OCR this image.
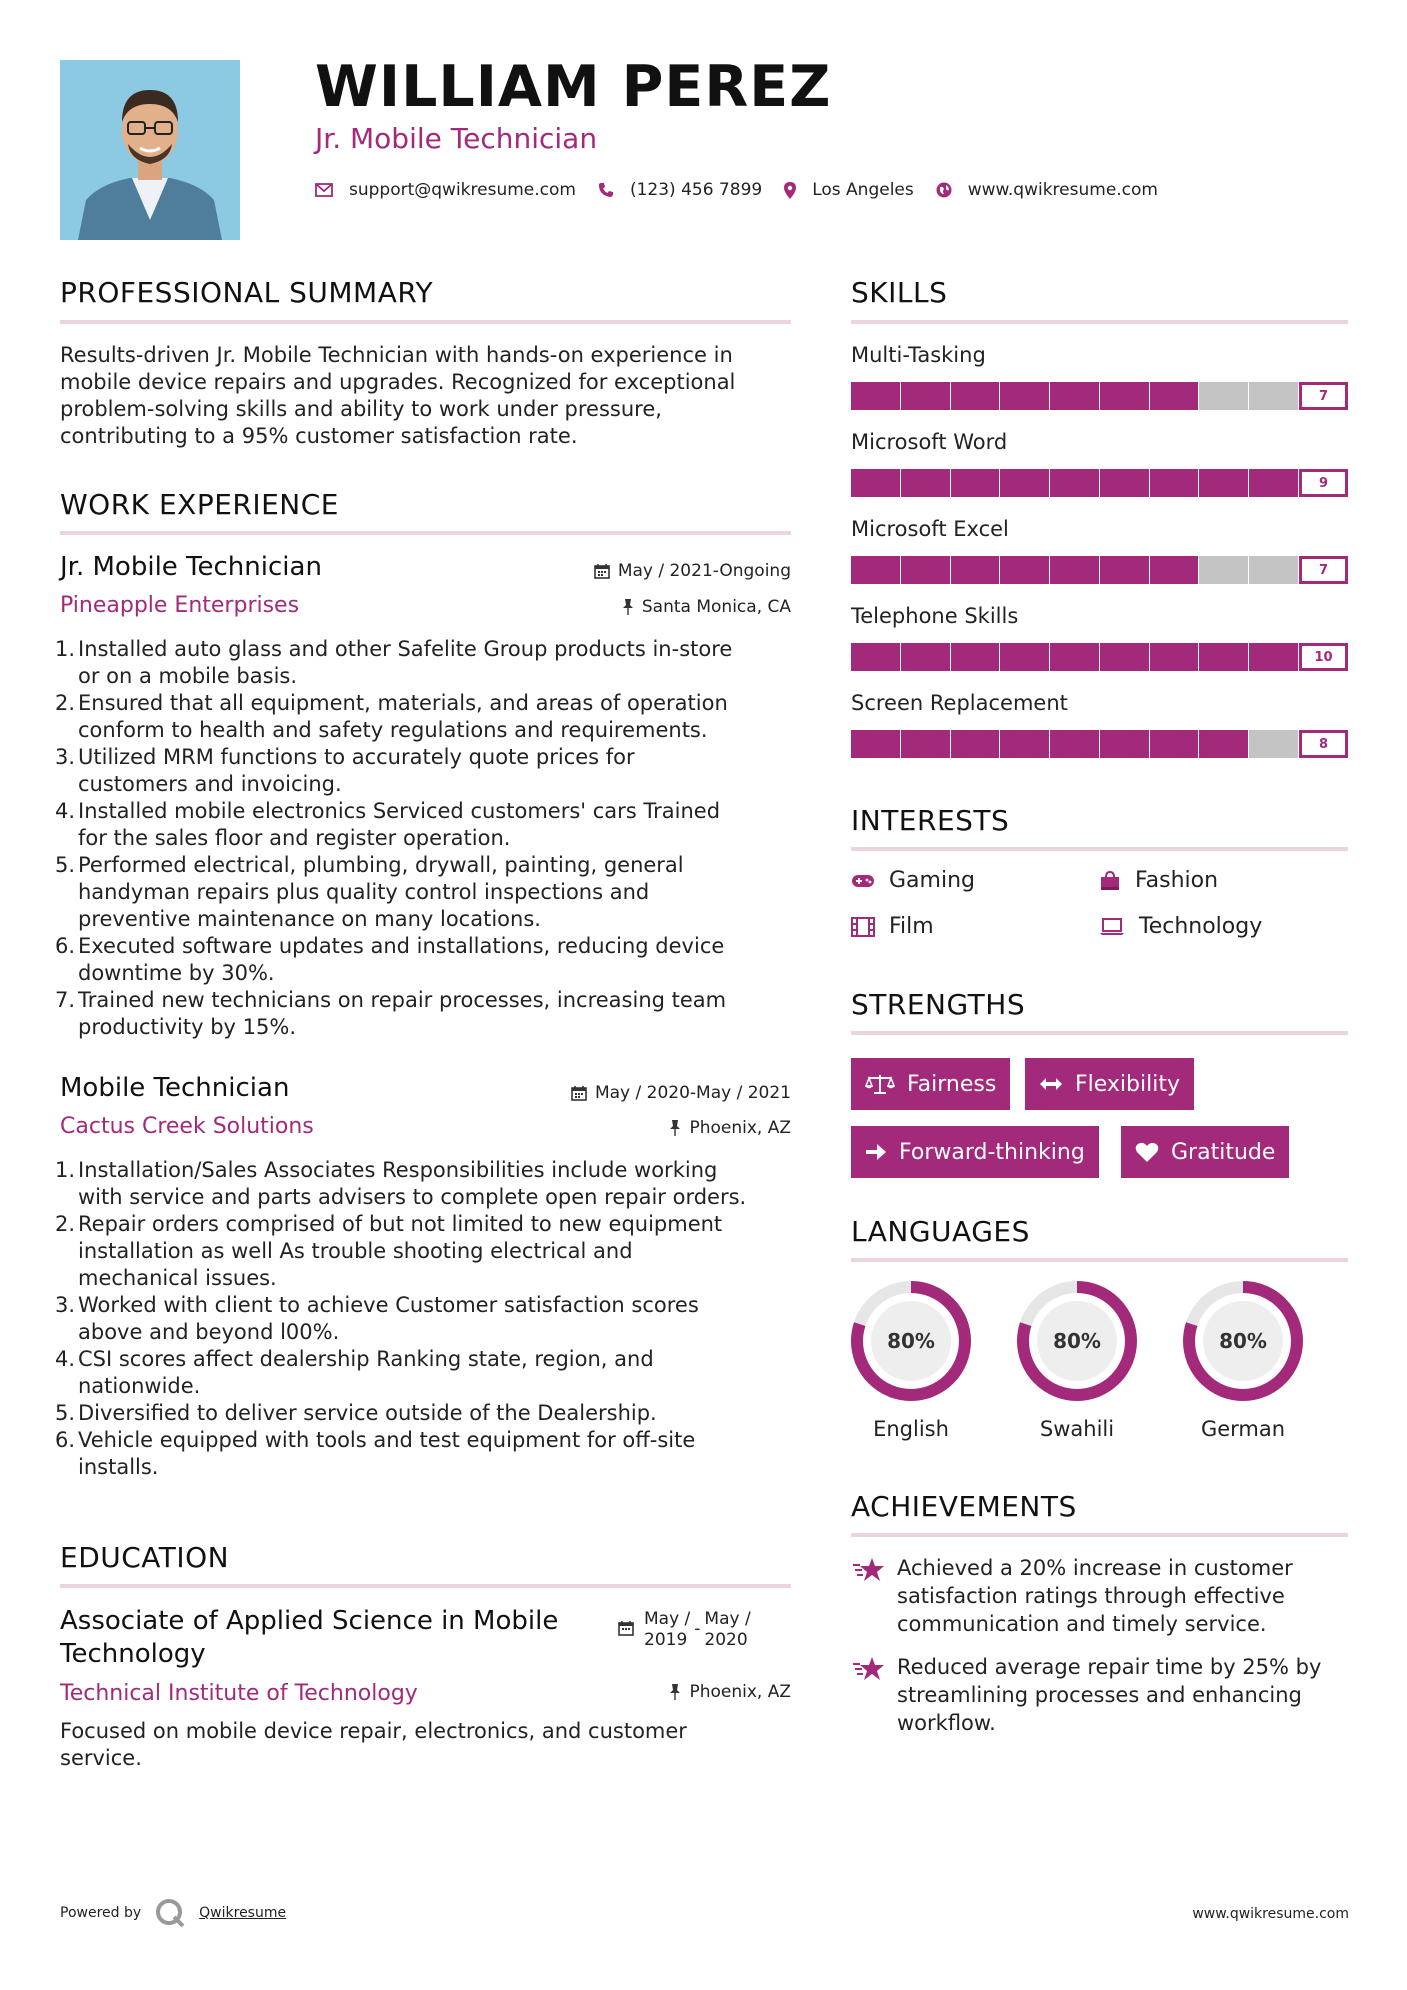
WILLIAM PEREZ
Jr. Mobile Technician
support@qwikresume.com	(123) 456 7899	Los Angeles	www.qwikresume.com
PROFESSIONAL SUMMARY
Results-driven Jr. Mobile Technician with hands-on experience in
mobile device repairs and upgrades. Recognized for exceptional
problem-solving skills and ability to work under pressure,
contributing to a 95% customer satisfaction rate.
WORK EXPERIENCE
Jr. Mobile Technician	May / 2021-Ongoing
Pineapple Enterprises	Santa Monica, CA
1. Installed auto glass and other Safelite Group products in-store
or on a mobile basis.
2. Ensured that all equipment, materials, and areas of operation
conform to health and safety regulations and requirements.
3. Utilized MRM functions to accurately quote prices for
customers and invoicing.
4. Installed mobile electronics Serviced customers' cars Trained
for the sales floor and register operation.
5. Performed electrical, plumbing, drywall, painting, general
handyman repairs plus quality control inspections and
preventive maintenance on many locations.
6. Executed software updates and installations, reducing device
downtime by 30%.
7. Trained new technicians on repair processes, increasing team
productivity by 15%.
Mobile Technician	May / 2020-May / 2021
Cactus Creek Solutions	Phoenix, AZ
1. Installation/Sales Associates Responsibilities include working
with service and parts advisers to complete open repair orders.
2. Repair orders comprised of but not limited to new equipment
installation as well As trouble shooting electrical and
mechanical issues.
3. Worked with client to achieve Customer satisfaction scores
above and beyond l00%.
4. CSI scores affect dealership Ranking state, region, and
nationwide.
5. Diversified to deliver service outside of the Dealership.
6. Vehicle equipped with tools and test equipment for off-site
installs.
EDUCATION
Associate of Applied Science in Mobile
Technology
May /
2019
- May /
2020
Technical Institute of Technology	Phoenix, AZ
Focused on mobile device repair, electronics, and customer
service.
SKILLS
Multi-Tasking
7
Microsoft Word
9
Microsoft Excel
7
Telephone Skills
10
Screen Replacement
8
INTERESTS
Gaming	Fashion
Film	Technology
STRENGTHS
Fairness	Flexibility
Forward-thinking	Gratitude
LANGUAGES
80%
English
80%
Swahili
80%
German
ACHIEVEMENTS
Achieved a 20% increase in customer
satisfaction ratings through effective
communication and timely service.
Reduced average repair time by 25% by
streamlining processes and enhancing
workflow.
Powered by	Qwikresume	www.qwikresume.com
